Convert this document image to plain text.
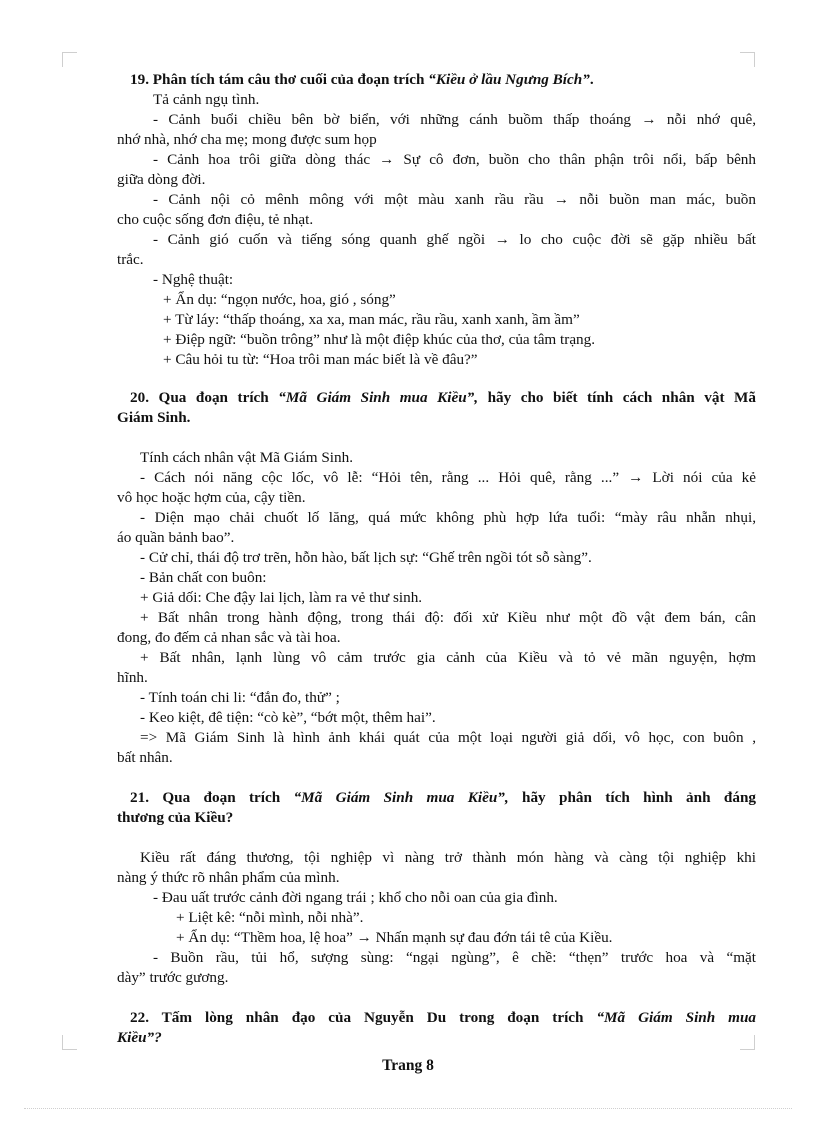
19. Phân tích tám câu thơ cuối của đoạn trích “Kiều ở lầu Ngưng Bích”.
Tả cảnh ngụ tình.
- Cảnh buổi chiều bên bờ biển, với những cánh buồm thấp thoáng → nỗi nhớ quê,
nhớ nhà, nhớ cha mẹ; mong được sum họp
- Cảnh hoa trôi giữa dòng thác → Sự cô đơn, buồn cho thân phận trôi nổi, bấp bênh
giữa dòng đời.
- Cảnh nội cỏ mênh mông với một màu xanh rầu rầu → nỗi buồn man mác, buồn
cho cuộc sống đơn điệu, tẻ nhạt.
- Cảnh gió cuốn và tiếng sóng quanh ghế ngồi → lo cho cuộc đời sẽ gặp nhiều bất
trắc.
- Nghệ thuật:
+ Ẩn dụ: “ngọn nước, hoa, gió , sóng”
+ Từ láy: “thấp thoáng, xa xa, man mác, rầu rầu, xanh xanh, ầm ầm”
+ Điệp ngữ: “buồn trông” như là một điệp khúc của thơ, của tâm trạng.
+ Câu hỏi tu từ: “Hoa trôi man mác biết là về đâu?”
20. Qua đoạn trích “Mã Giám Sinh mua Kiều”, hãy cho biết tính cách nhân vật Mã
Giám Sinh.
Tính cách nhân vật Mã Giám Sinh.
- Cách nói năng cộc lốc, vô lễ: “Hỏi tên, rằng ... Hỏi quê, rằng ...” → Lời nói của kẻ
vô học hoặc hợm của, cậy tiền.
- Diện mạo chải chuốt lố lăng, quá mức không phù hợp lứa tuổi: “mày râu nhẵn nhụi,
áo quần bảnh bao”.
- Cử chỉ, thái độ trơ trẽn, hỗn hào, bất lịch sự: “Ghế trên ngồi tót sỗ sàng”.
- Bản chất con buôn:
+ Giả dối: Che đậy lai lịch, làm ra vẻ thư sinh.
+ Bất nhân trong hành động, trong thái độ: đối xử Kiều như một đồ vật đem bán, cân
đong, đo đếm cả nhan sắc và tài hoa.
+ Bất nhân, lạnh lùng vô cảm trước gia cảnh của Kiều và tỏ vẻ mãn nguyện, hợm
hĩnh.
- Tính toán chi li: “đắn đo, thử” ;
- Keo kiệt, đê tiện: “cò kè”, “bớt một, thêm hai”.
=> Mã Giám Sinh là hình ảnh khái quát của một loại người giả dối, vô học, con buôn ,
bất nhân.
21. Qua đoạn trích “Mã Giám Sinh mua Kiều”, hãy phân tích hình ảnh đáng
thương của Kiều?
Kiều rất đáng thương, tội nghiệp vì nàng trở thành món hàng và càng tội nghiệp khi
nàng ý thức rõ nhân phẩm của mình.
- Đau uất trước cảnh đời ngang trái ; khổ cho nỗi oan của gia đình.
+ Liệt kê: “nỗi mình, nỗi nhà”.
+ Ẩn dụ: “Thềm hoa, lệ hoa” → Nhấn mạnh sự đau đớn tái tê của Kiều.
- Buồn rầu, tủi hổ, sượng sùng: “ngại ngùng”, ê chề: “thẹn” trước hoa và “mặt
dày” trước gương.
22. Tấm lòng nhân đạo của Nguyễn Du trong đoạn trích “Mã Giám Sinh mua
Kiều”?
Trang 8
